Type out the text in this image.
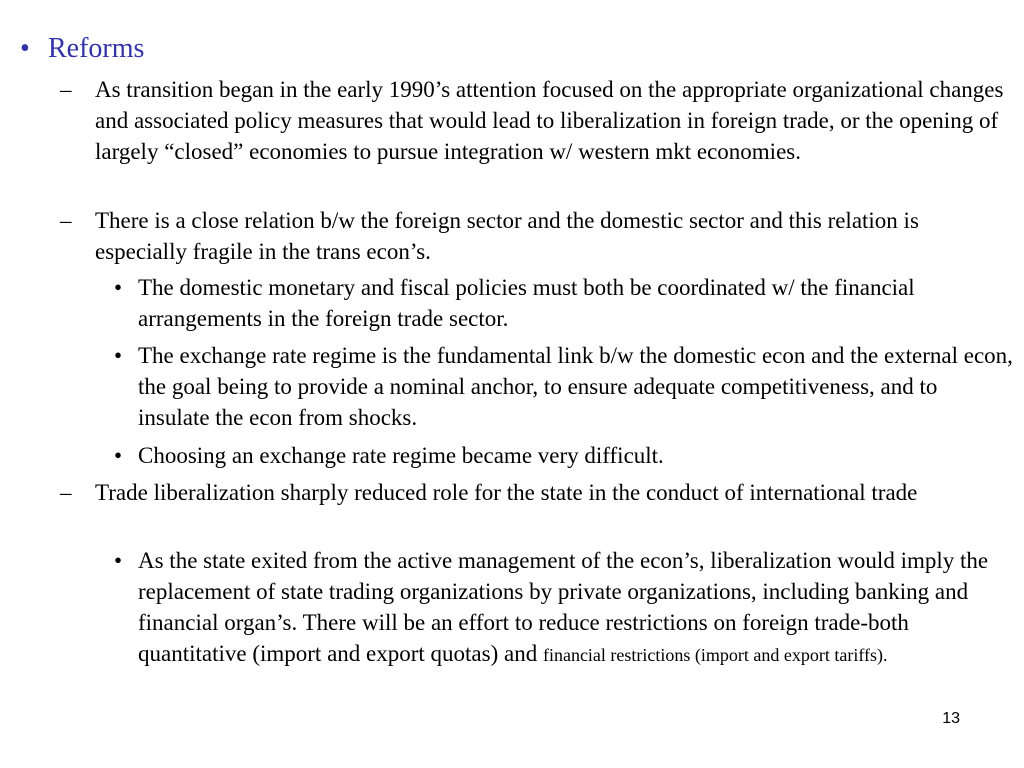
• Reforms
– As transition began in the early 1990’s attention focused on the appropriate organizational changes and associated policy measures that would lead to liberalization in foreign trade, or the opening of largely “closed” economies to pursue integration w/ western mkt economies.
– There is a close relation b/w the foreign sector and the domestic sector and this relation is especially fragile in the trans econ’s.
• The domestic monetary and fiscal policies must both be coordinated w/ the financial arrangements in the foreign trade sector.
• The exchange rate regime is the fundamental link b/w the domestic econ and the external econ, the goal being to provide a nominal anchor, to ensure adequate competitiveness, and to insulate the econ from shocks.
• Choosing an exchange rate regime became very difficult.
– Trade liberalization sharply reduced role for the state in the conduct of international trade
• As the state exited from the active management of the econ’s, liberalization would imply the replacement of state trading organizations by private organizations, including banking and financial organ’s. There will be an effort to reduce restrictions on foreign trade-both quantitative (import and export quotas) and financial restrictions (import and export tariffs).
13
